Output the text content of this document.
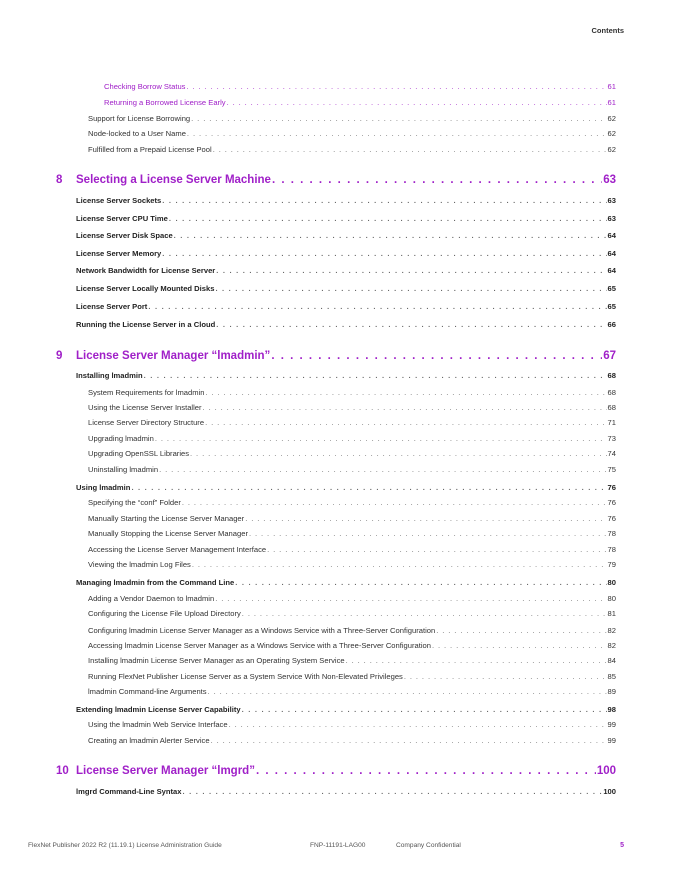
Contents
Checking Borrow Status . . .	61
Returning a Borrowed License Early . . .	61
Support for License Borrowing . . .	62
Node-locked to a User Name . . .	62
Fulfilled from a Prepaid License Pool . . .	62
8	Selecting a License Server Machine . . .	63
License Server Sockets . . .	63
License Server CPU Time . . .	63
License Server Disk Space . . .	64
License Server Memory . . .	64
Network Bandwidth for License Server . . .	64
License Server Locally Mounted Disks . . .	65
License Server Port . . .	65
Running the License Server in a Cloud . . .	66
9	License Server Manager “lmadmin” . . .	67
Installing lmadmin . . .	68
System Requirements for lmadmin . . .	68
Using the License Server Installer . . .	68
License Server Directory Structure . . .	71
Upgrading lmadmin . . .	73
Upgrading OpenSSL Libraries . . .	74
Uninstalling lmadmin . . .	75
Using lmadmin . . .	76
Specifying the “conf” Folder . . .	76
Manually Starting the License Server Manager . . .	76
Manually Stopping the License Server Manager . . .	78
Accessing the License Server Management Interface . . .	78
Viewing the lmadmin Log Files . . .	79
Managing lmadmin from the Command Line . . .	80
Adding a Vendor Daemon to lmadmin . . .	80
Configuring the License File Upload Directory . . .	81
Configuring lmadmin License Server Manager as a Windows Service with a Three-Server Configuration . . .	82
Accessing lmadmin License Server Manager as a Windows Service with a Three-Server Configuration . . .	82
Installing lmadmin License Server Manager as an Operating System Service . . .	84
Running FlexNet Publisher License Server as a System Service With Non-Elevated Privileges . . .	85
lmadmin Command-line Arguments . . .	89
Extending lmadmin License Server Capability . . .	98
Using the lmadmin Web Service Interface . . .	99
Creating an lmadmin Alerter Service . . .	99
10 License Server Manager “lmgrd” . . .	100
lmgrd Command-Line Syntax . . .	100
FlexNet Publisher 2022 R2 (11.19.1) License Administration Guide	FNP-11191-LAG00	Company Confidential	5
